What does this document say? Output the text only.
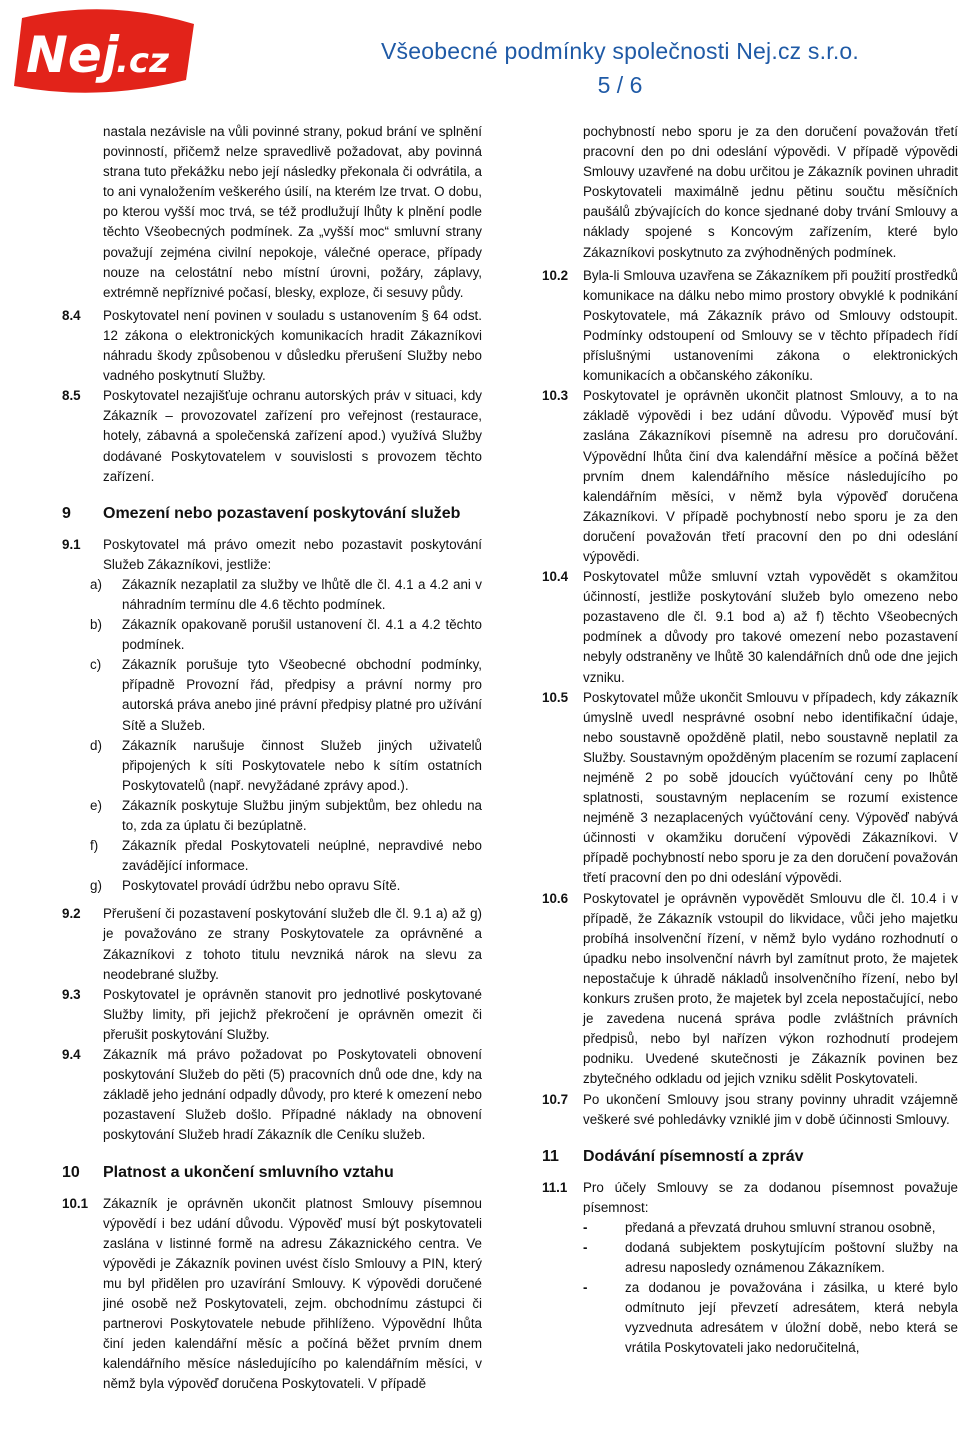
Nej
.cz	Všeobecné podmínky společnosti Nej.cz s.r.o.
5 / 6
nastala nezávisle na vůli povinné strany, pokud brání ve splnění povinností, přičemž nelze spravedlivě požadovat, aby povinná strana tuto překážku nebo její následky překonala či odvrátila, a to ani vynaložením veškerého úsilí, na kterém lze trvat. O dobu, po kterou vyšší moc trvá, se též prodlužují lhůty k plnění podle těchto Všeobecných podmínek. Za „vyšší moc“ smluvní strany považují zejména civilní nepokoje, válečné operace, případy nouze na celostátní nebo místní úrovni, požáry, záplavy, extrémně nepříznivé počasí, blesky, exploze, či sesuvy půdy.
8.4	Poskytovatel není povinen v souladu s ustanovením § 64 odst. 12 zákona o elektronických komunikacích hradit Zákazníkovi náhradu škody způsobenou v důsledku přerušení Služby nebo vadného poskytnutí Služby.
8.5	Poskytovatel nezajišťuje ochranu autorských práv v situaci, kdy Zákazník – provozovatel zařízení pro veřejnost (restaurace, hotely, zábavná a společenská zařízení apod.) využívá Služby dodávané Poskytovatelem v souvislosti s provozem těchto zařízení.
9	Omezení nebo pozastavení poskytování služeb
9.1	Poskytovatel má právo omezit nebo pozastavit poskytování Služeb Zákazníkovi, jestliže:
a)	Zákazník nezaplatil za služby ve lhůtě dle čl. 4.1 a 4.2 ani v náhradním termínu dle 4.6 těchto podmínek.
b)	Zákazník opakovaně porušil ustanovení čl. 4.1 a 4.2 těchto podmínek.
c)	Zákazník porušuje tyto Všeobecné obchodní podmínky, případně Provozní řád, předpisy a právní normy pro autorská práva anebo jiné právní předpisy platné pro užívání Sítě a Služeb.
d)	Zákazník narušuje činnost Služeb jiných uživatelů připojených k síti Poskytovatele nebo k sítím ostatních Poskytovatelů (např. nevyžádané zprávy apod.).
e)	Zákazník poskytuje Službu jiným subjektům, bez ohledu na to, zda za úplatu či bezúplatně.
f)	Zákazník předal Poskytovateli neúplné, nepravdivé nebo zavádějící informace.
g)	Poskytovatel provádí údržbu nebo opravu Sítě.
9.2	Přerušení či pozastavení poskytování služeb dle čl. 9.1 a) až g) je považováno ze strany Poskytovatele za oprávněné a Zákazníkovi z tohoto titulu nevzniká nárok na slevu za neodebrané služby.
9.3	Poskytovatel je oprávněn stanovit pro jednotlivé poskytované Služby limity, při jejichž překročení je oprávněn omezit či přerušit poskytování Služby.
9.4	Zákazník má právo požadovat po Poskytovateli obnovení poskytování Služeb do pěti (5) pracovních dnů ode dne, kdy na základě jeho jednání odpadly důvody, pro které k omezení nebo pozastavení Služeb došlo. Případné náklady na obnovení poskytování Služeb hradí Zákazník dle Ceníku služeb.
10	Platnost a ukončení smluvního vztahu
10.1	Zákazník je oprávněn ukončit platnost Smlouvy písemnou výpovědí i bez udání důvodu. Výpověď musí být poskytovateli zaslána v listinné formě na adresu Zákaznického centra. Ve výpovědi je Zákazník povinen uvést číslo Smlouvy a PIN, který mu byl přidělen pro uzavírání Smlouvy. K výpovědi doručené jiné osobě než Poskytovateli, zejm. obchodnímu zástupci či partnerovi Poskytovatele nebude přihlíženo. Výpovědní lhůta činí jeden kalendářní měsíc a počíná běžet prvním dnem kalendářního měsíce následujícího po kalendářním měsíci, v němž byla výpověď doručena Poskytovateli. V případě
pochybností nebo sporu je za den doručení považován třetí pracovní den po dni odeslání výpovědi. V případě výpovědi Smlouvy uzavřené na dobu určitou je Zákazník povinen uhradit Poskytovateli maximálně jednu pětinu součtu měsíčních paušálů zbývajících do konce sjednané doby trvání Smlouvy a náklady spojené s Koncovým zařízením, které bylo Zákazníkovi poskytnuto za zvýhodněných podmínek.
10.2	Byla-li Smlouva uzavřena se Zákazníkem při použití prostředků komunikace na dálku nebo mimo prostory obvyklé k podnikání Poskytovatele, má Zákazník právo od Smlouvy odstoupit. Podmínky odstoupení od Smlouvy se v těchto případech řídí příslušnými ustanoveními zákona o elektronických komunikacích a občanského zákoníku.
10.3	Poskytovatel je oprávněn ukončit platnost Smlouvy, a to na základě výpovědi i bez udání důvodu. Výpověď musí být zaslána Zákazníkovi písemně na adresu pro doručování. Výpovědní lhůta činí dva kalendářní měsíce a počíná běžet prvním dnem kalendářního měsíce následujícího po kalendářním měsíci, v němž byla výpověď doručena Zákazníkovi. V případě pochybností nebo sporu je za den doručení považován třetí pracovní den po dni odeslání výpovědi.
10.4	Poskytovatel může smluvní vztah vypovědět s okamžitou účinností, jestliže poskytování služeb bylo omezeno nebo pozastaveno dle čl. 9.1 bod a) až f) těchto Všeobecných podmínek a důvody pro takové omezení nebo pozastavení nebyly odstraněny ve lhůtě 30 kalendářních dnů ode dne jejich vzniku.
10.5	Poskytovatel může ukončit Smlouvu v případech, kdy zákazník úmyslně uvedl nesprávné osobní nebo identifikační údaje, nebo soustavně opožděně platil, nebo soustavně neplatil za Služby. Soustavným opožděným placením se rozumí zaplacení nejméně 2 po sobě jdoucích vyúčtování ceny po lhůtě splatnosti, soustavným neplacením se rozumí existence nejméně 3 nezaplacených vyúčtování ceny. Výpověď nabývá účinnosti v okamžiku doručení výpovědi Zákazníkovi. V případě pochybností nebo sporu je za den doručení považován třetí pracovní den po dni odeslání výpovědi.
10.6	Poskytovatel je oprávněn vypovědět Smlouvu dle čl. 10.4 i v případě, že Zákazník vstoupil do likvidace, vůči jeho majetku probíhá insolvenční řízení, v němž bylo vydáno rozhodnutí o úpadku nebo insolvenční návrh byl zamítnut proto, že majetek nepostačuje k úhradě nákladů insolvenčního řízení, nebo byl konkurs zrušen proto, že majetek byl zcela nepostačující, nebo je zavedena nucená správa podle zvláštních právních předpisů, nebo byl nařízen výkon rozhodnutí prodejem podniku. Uvedené skutečnosti je Zákazník povinen bez zbytečného odkladu od jejich vzniku sdělit Poskytovateli.
10.7	Po ukončení Smlouvy jsou strany povinny uhradit vzájemně veškeré své pohledávky vzniklé jim v době účinnosti Smlouvy.
11	Dodávání písemností a zpráv
11.1	Pro účely Smlouvy se za dodanou písemnost považuje písemnost:
-	předaná a převzatá druhou smluvní stranou osobně,
-	dodaná subjektem poskytujícím poštovní služby na adresu naposledy oznámenou Zákazníkem.
-	za dodanou je považována i zásilka, u které bylo odmítnuto její převzetí adresátem, která nebyla vyzvednuta adresátem v úložní době, nebo která se vrátila Poskytovateli jako nedoručitelná,
